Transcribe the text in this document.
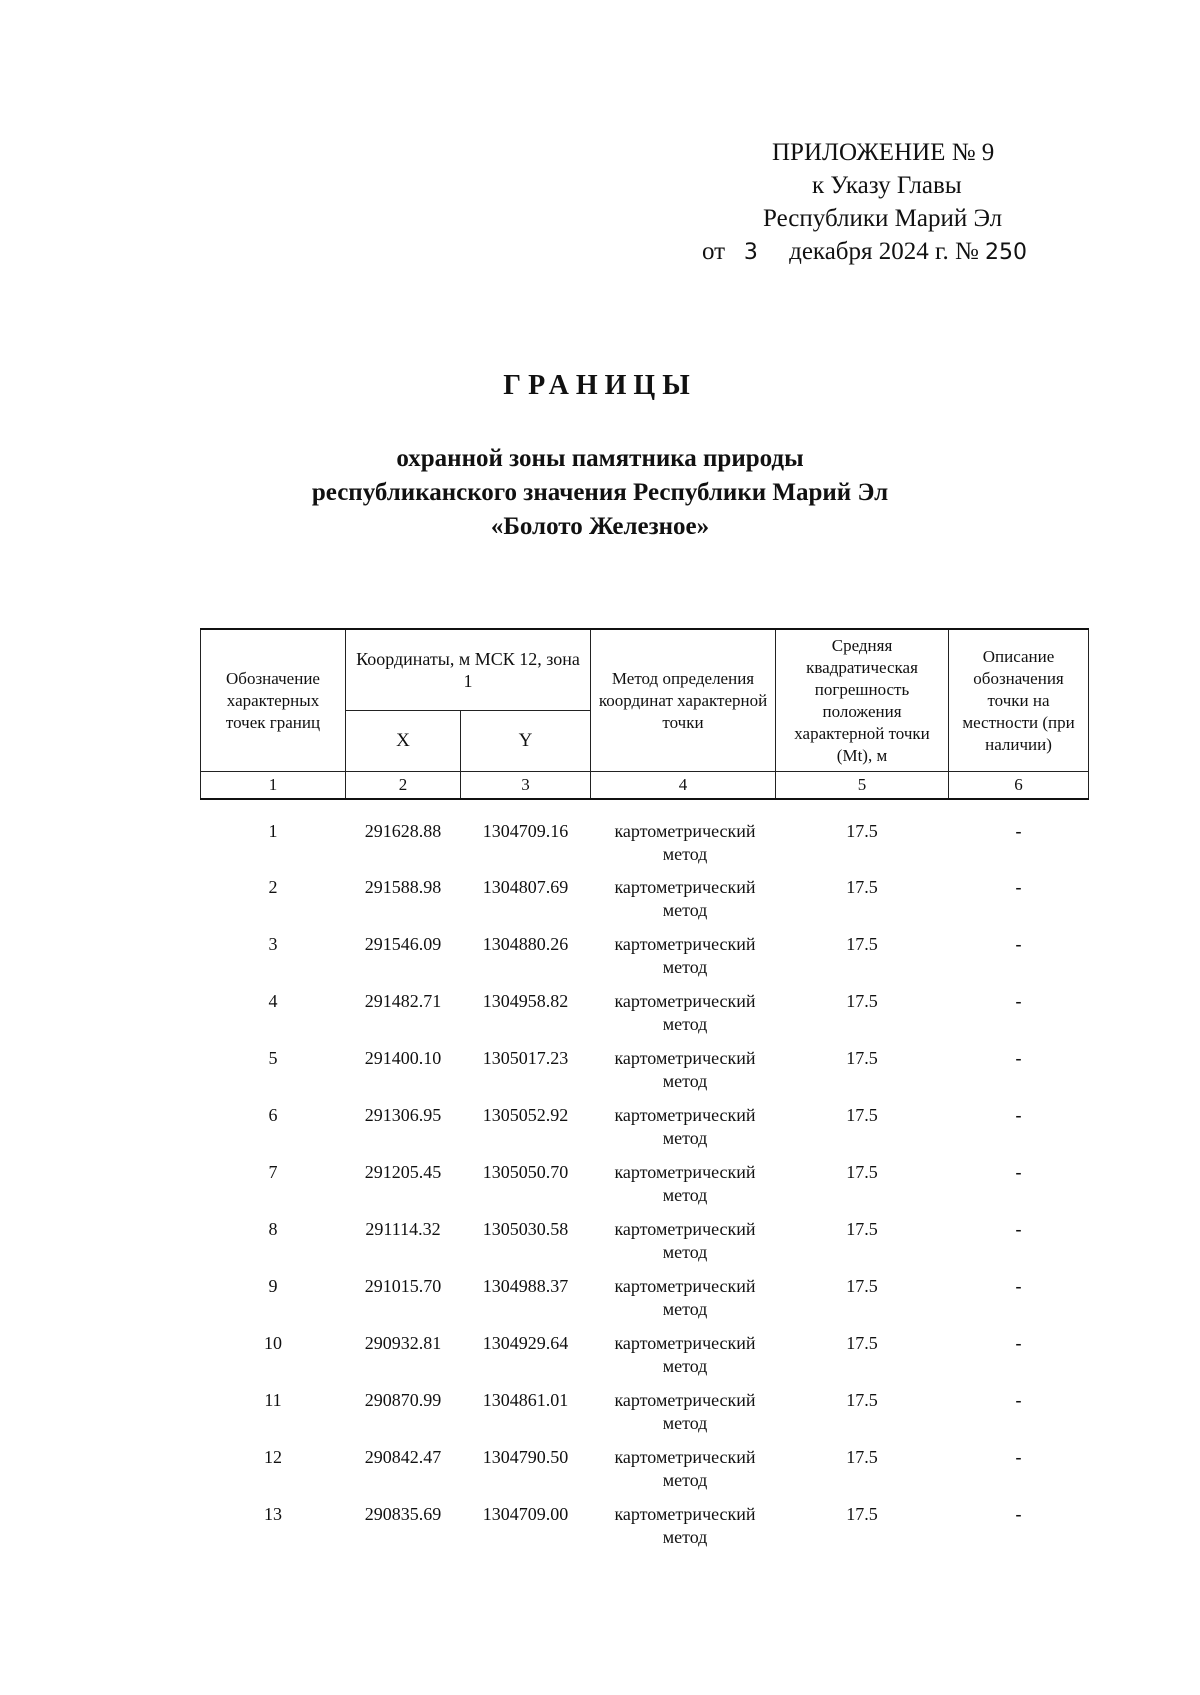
ПРИЛОЖЕНИЕ № 9
к Указу Главы
Республики Марий Эл
от 3 декабря 2024 г. № 250
ГРАНИЦЫ
охранной зоны памятника природы
республиканского значения Республики Марий Эл
«Болото Железное»
Обозначение характерных точек границ	Координаты, м МСК 12, зона 1		Метод определения координат характерной точки	Средняя квадратическая погрешность положения характерной точки (Mt), м	Описание обозначения точки на местности (при наличии)
	X	Y			
1	2	3	4	5	6
1	291628.88	1304709.16	картометрический метод	17.5	-
2	291588.98	1304807.69	картометрический метод	17.5	-
3	291546.09	1304880.26	картометрический метод	17.5	-
4	291482.71	1304958.82	картометрический метод	17.5	-
5	291400.10	1305017.23	картометрический метод	17.5	-
6	291306.95	1305052.92	картометрический метод	17.5	-
7	291205.45	1305050.70	картометрический метод	17.5	-
8	291114.32	1305030.58	картометрический метод	17.5	-
9	291015.70	1304988.37	картометрический метод	17.5	-
10	290932.81	1304929.64	картометрический метод	17.5	-
11	290870.99	1304861.01	картометрический метод	17.5	-
12	290842.47	1304790.50	картометрический метод	17.5	-
13	290835.69	1304709.00	картометрический метод	17.5	-
